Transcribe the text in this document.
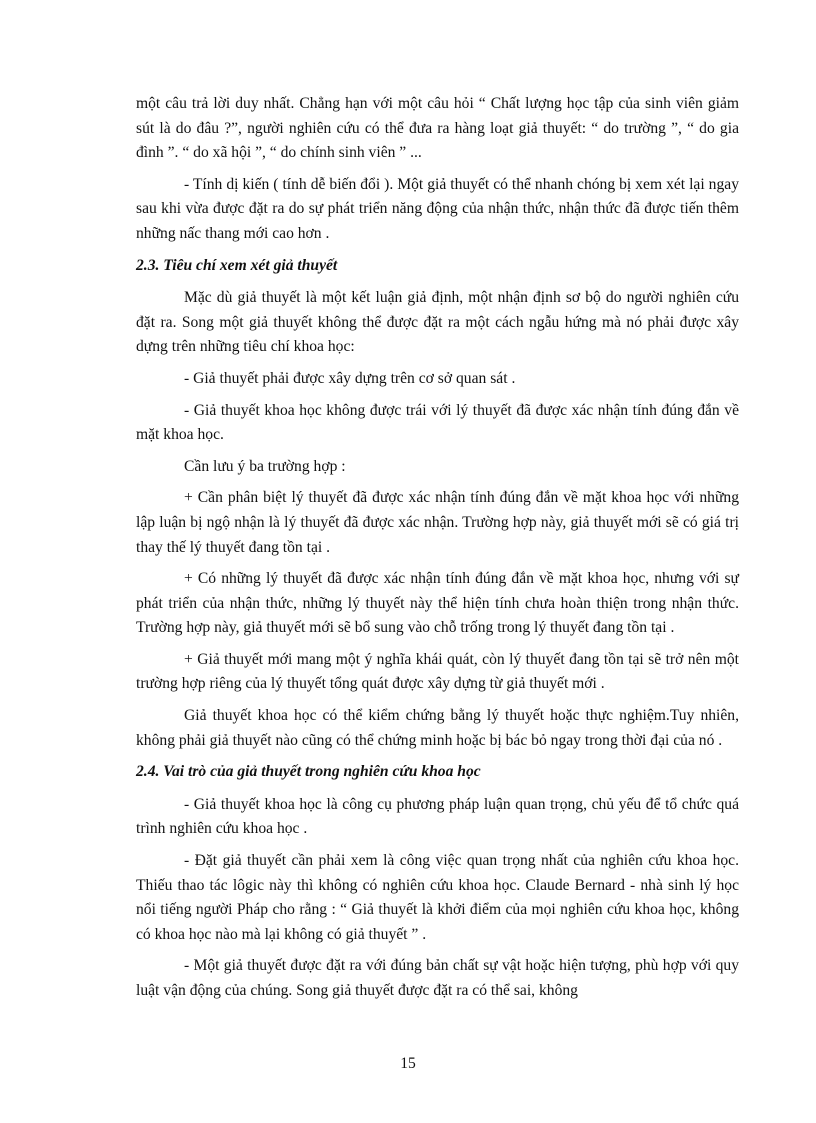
một câu trả lời duy nhất. Chẳng hạn với một câu hỏi “ Chất lượng học tập của sinh viên giảm sút là do đâu ?”, người nghiên cứu có thể đưa ra hàng loạt giả thuyết: “ do trường ”, “ do gia đình ”. “ do xã hội ”, “ do chính sinh viên ” ...

- Tính dị kiến ( tính dễ biến đổi ). Một giả thuyết có thể nhanh chóng bị xem xét lại ngay sau khi vừa được đặt ra do sự phát triển năng động của nhận thức, nhận thức đã được tiến thêm những nấc thang mới cao hơn .

2.3. Tiêu chí xem xét giả thuyết

Mặc dù giả thuyết là một kết luận giả định, một nhận định sơ bộ do người nghiên cứu đặt ra. Song một giả thuyết không thể được đặt ra một cách ngẫu hứng mà nó phải được xây dựng trên những tiêu chí khoa học:

- Giả thuyết phải được xây dựng trên cơ sở quan sát .

- Giả thuyết khoa học không được trái với lý thuyết đã được xác nhận tính đúng đắn về mặt khoa học.

Cần lưu ý ba trường hợp :

+ Cần phân biệt lý thuyết đã được xác nhận tính đúng đắn về mặt khoa học với những lập luận bị ngộ nhận là lý thuyết đã được xác nhận. Trường hợp này, giả thuyết mới sẽ có giá trị thay thế lý thuyết đang tồn tại .

+ Có những lý thuyết đã được xác nhận tính đúng đắn về mặt khoa học, nhưng với sự phát triển của nhận thức, những lý thuyết này thể hiện tính chưa hoàn thiện trong nhận thức. Trường hợp này, giả thuyết mới sẽ bổ sung vào chỗ trống trong lý thuyết đang tồn tại .

+ Giả thuyết mới mang một ý nghĩa khái quát, còn lý thuyết đang tồn tại sẽ trở nên một trường hợp riêng của lý thuyết tổng quát được xây dựng từ giả thuyết mới .

Giả thuyết khoa học có thể kiểm chứng bằng lý thuyết hoặc thực nghiệm.Tuy nhiên, không phải giả thuyết nào cũng có thể chứng minh hoặc bị bác bỏ ngay trong thời đại của nó .

2.4. Vai trò của giả thuyết trong nghiên cứu khoa học

- Giả thuyết khoa học là công cụ phương pháp luận quan trọng, chủ yếu để tổ chức quá trình nghiên cứu khoa học .

- Đặt giả thuyết cần phải xem là công việc quan trọng nhất của nghiên cứu khoa học. Thiếu thao tác lôgic này thì không có nghiên cứu khoa học. Claude Bernard - nhà sinh lý học nổi tiếng người Pháp cho rằng : “ Giả thuyết là khởi điểm của mọi nghiên cứu khoa học, không có khoa học nào mà lại không có giả thuyết ” .

- Một giả thuyết được đặt ra với đúng bản chất sự vật hoặc hiện tượng, phù hợp với quy luật vận động của chúng. Song giả thuyết được đặt ra có thể sai, không

15
